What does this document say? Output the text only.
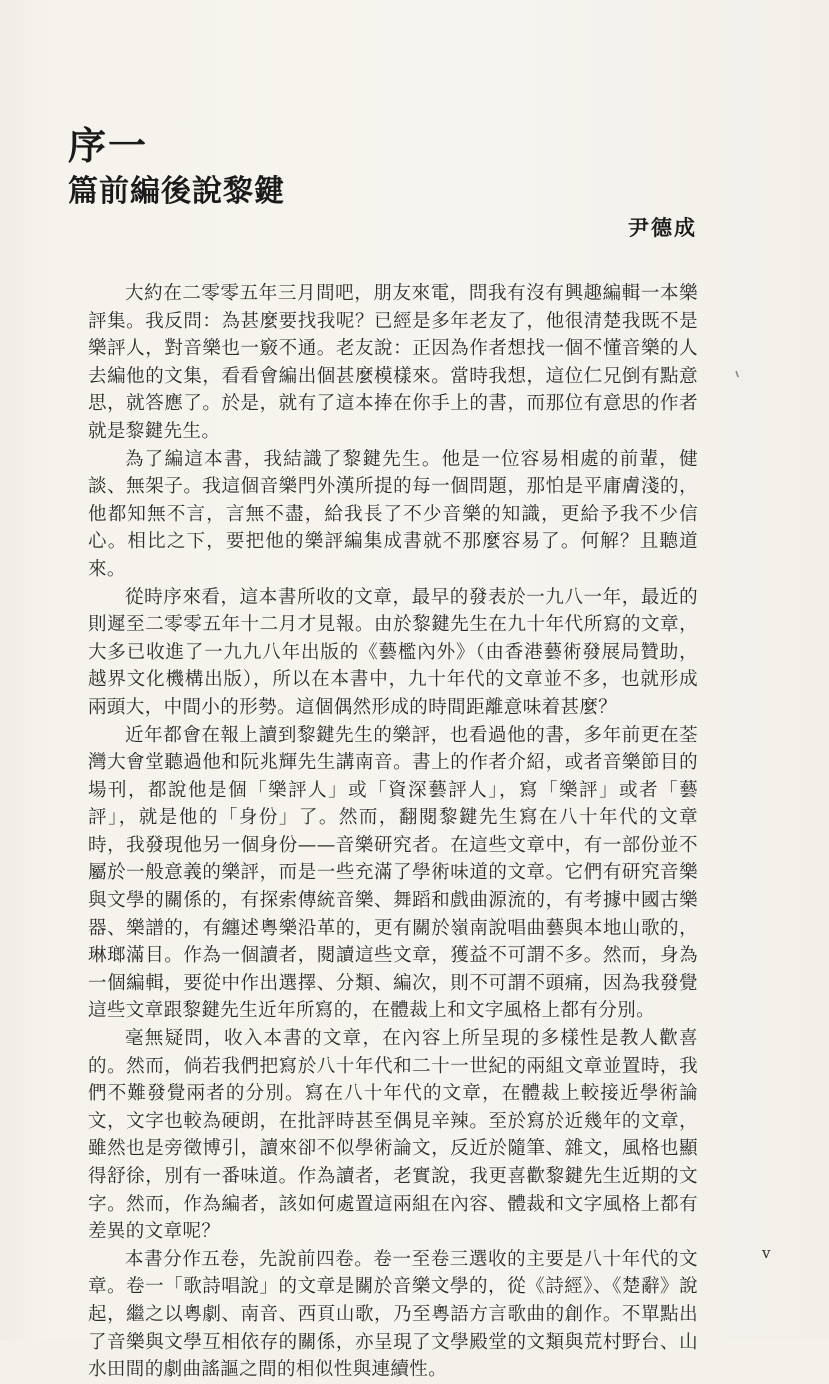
序一
篇前編後說黎鍵
尹德成

大約在二零零五年三月間吧，朋友來電，問我有沒有興趣編輯一本樂評集。我反問：為甚麼要找我呢？已經是多年老友了，他很清楚我既不是樂評人，對音樂也一竅不通。老友說：正因為作者想找一個不懂音樂的人去編他的文集，看看會編出個甚麼模樣來。當時我想，這位仁兄倒有點意思，就答應了。於是，就有了這本捧在你手上的書，而那位有意思的作者就是黎鍵先生。

為了編這本書，我結識了黎鍵先生。他是一位容易相處的前輩，健談、無架子。我這個音樂門外漢所提的每一個問題，那怕是平庸膚淺的，他都知無不言，言無不盡，給我長了不少音樂的知識，更給予我不少信心。相比之下，要把他的樂評編集成書就不那麼容易了。何解？且聽道來。

從時序來看，這本書所收的文章，最早的發表於一九八一年，最近的則遲至二零零五年十二月才見報。由於黎鍵先生在九十年代所寫的文章，大多已收進了一九九八年出版的《藝檻內外》（由香港藝術發展局贊助，越界文化機構出版），所以在本書中，九十年代的文章並不多，也就形成兩頭大，中間小的形勢。這個偶然形成的時間距離意味着甚麼？

近年都會在報上讀到黎鍵先生的樂評，也看過他的書，多年前更在荃灣大會堂聽過他和阮兆輝先生講南音。書上的作者介紹，或者音樂節目的場刊，都說他是個「樂評人」或「資深藝評人」，寫「樂評」或者「藝評」，就是他的「身份」了。然而，翻閱黎鍵先生寫在八十年代的文章時，我發現他另一個身份——音樂研究者。在這些文章中，有一部份並不屬於一般意義的樂評，而是一些充滿了學術味道的文章。它們有研究音樂與文學的關係的，有探索傳統音樂、舞蹈和戲曲源流的，有考據中國古樂器、樂譜的，有纏述粵樂沿革的，更有關於嶺南說唱曲藝與本地山歌的，琳瑯滿目。作為一個讀者，閱讀這些文章，獲益不可謂不多。然而，身為一個編輯，要從中作出選擇、分類、編次，則不可謂不頭痛，因為我發覺這些文章跟黎鍵先生近年所寫的，在體裁上和文字風格上都有分別。

毫無疑問，收入本書的文章，在內容上所呈現的多樣性是教人歡喜的。然而，倘若我們把寫於八十年代和二十一世紀的兩組文章並置時，我們不難發覺兩者的分別。寫在八十年代的文章，在體裁上較接近學術論文，文字也較為硬朗，在批評時甚至偶見辛辣。至於寫於近幾年的文章，雖然也是旁徵博引，讀來卻不似學術論文，反近於隨筆、雜文，風格也顯得舒徐，別有一番味道。作為讀者，老實說，我更喜歡黎鍵先生近期的文字。然而，作為編者，該如何處置這兩組在內容、體裁和文字風格上都有差異的文章呢？

本書分作五卷，先說前四卷。卷一至卷三選收的主要是八十年代的文章。卷一「歌詩唱說」的文章是關於音樂文學的，從《詩經》、《楚辭》說起，繼之以粵劇、南音、西頁山歌，乃至粵語方言歌曲的創作。不單點出了音樂與文學互相依存的關係，亦呈現了文學殿堂的文類與荒村野台、山水田間的劇曲謠謳之間的相似性與連續性。

v
